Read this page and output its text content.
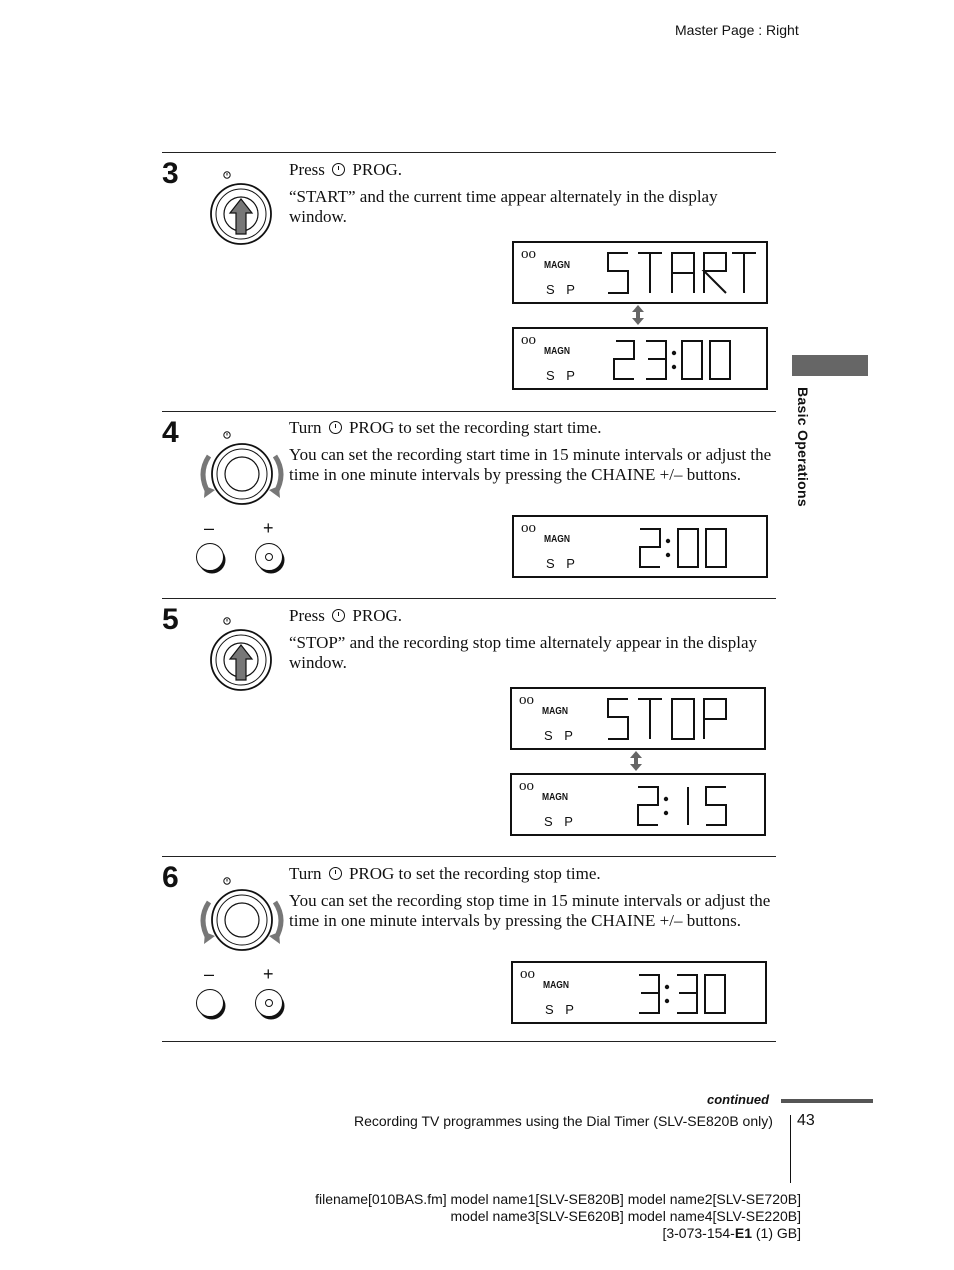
Master Page : Right
3	Press PROG.

“START” and the current time appear alternately in the display window.

ᴏᴏ
MAGN
S P
ᴏᴏ
MAGN
S P
4	Turn PROG to set the recording start time.

You can set the recording start time in 15 minute intervals or adjust the time in one minute intervals by pressing the CHAINE +/– buttons.

–	+	ᴏᴏ
MAGN
S P
5	Press PROG.

“STOP” and the recording stop time alternately appear in the display window.

ᴏᴏ
MAGN
S P
ᴏᴏ
MAGN
S P
6	Turn PROG to set the recording stop time.

You can set the recording stop time in 15 minute intervals or adjust the time in one minute intervals by pressing the CHAINE +/– buttons.

–	+	ᴏᴏ
MAGN
S P
Basic Operations
continued
Recording TV programmes using the Dial Timer (SLV-SE820B only) 43
filename[010BAS.fm] model name1[SLV-SE820B] model name2[SLV-SE720B]
model name3[SLV-SE620B] model name4[SLV-SE220B]
[3-073-154-E1 (1) GB]
